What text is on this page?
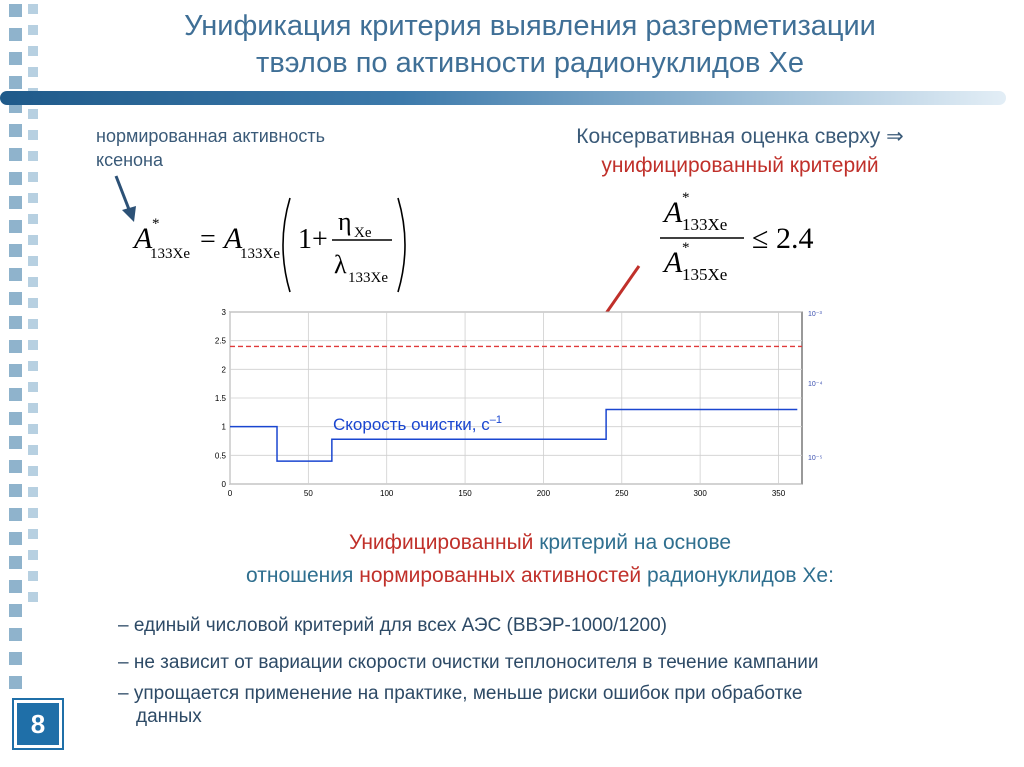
Унификация критерия выявления разгерметизации
твэлов по активности радионуклидов Xe
нормированная активность
ксенона
A *
133Xe = A
133Xe 1+
η Xe
λ 133Xe
Консервативная оценка сверху ⇒
унифицированный критерий
A *
133Xe
A *
135Xe
≤ 2.4
0	50	100	150	200	250	300	350
0
0.5
1
1.5
2
2.5
3	10⁻³
10⁻⁴
10⁻⁵
Скорость очистки, $с^{-1}$
Унифицированный критерий на основе
отношения нормированных активностей радионуклидов Xe:
– единый числовой критерий для всех АЭС (ВВЭР-1000/1200)
– не зависит от вариации скорости очистки теплоносителя в течение кампании
– упрощается применение на практике, меньше риски ошибок при обработке
данных
8
